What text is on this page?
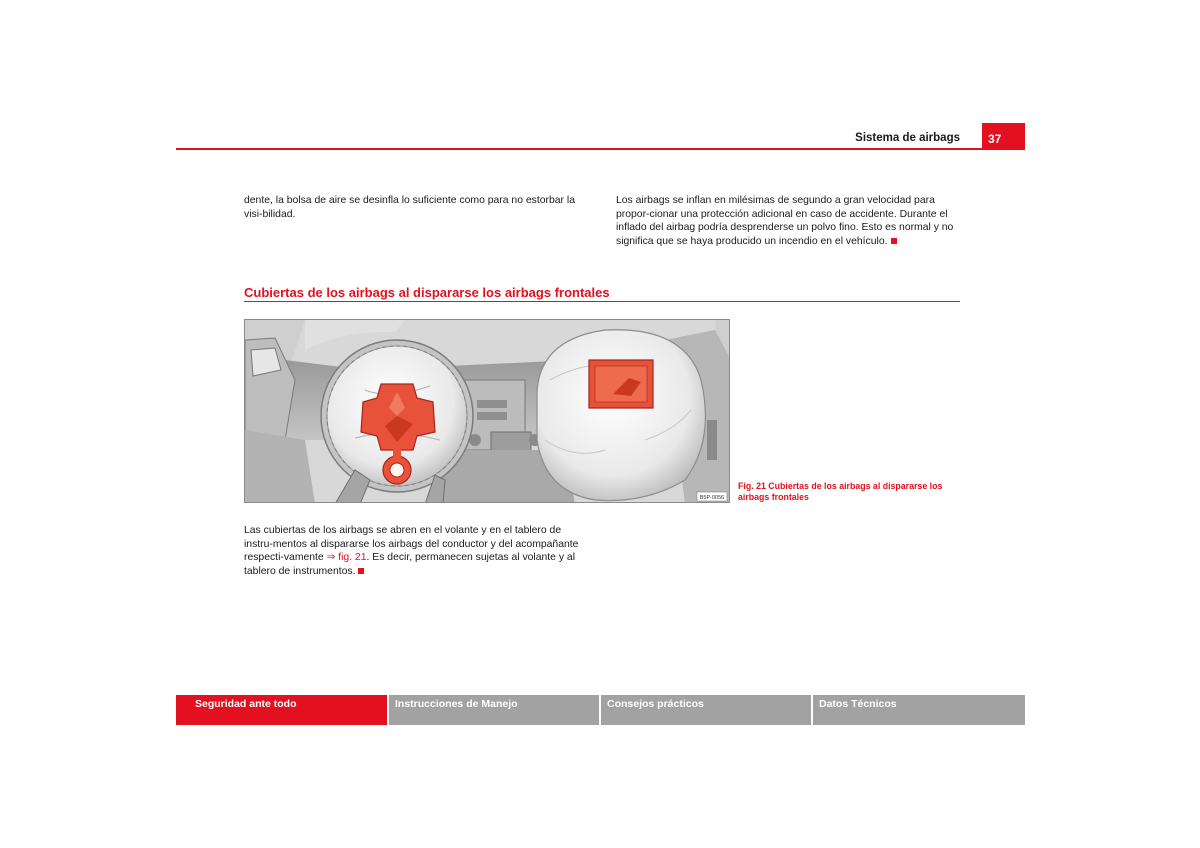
Sistema de airbags	37
dente, la bolsa de aire se desinfla lo suficiente como para no estorbar la visi-bilidad.
Los airbags se inflan en milésimas de segundo a gran velocidad para propor-cionar una protección adicional en caso de accidente. Durante el inflado del airbag podría desprenderse un polvo fino. Esto es normal y no significa que se haya producido un incendio en el vehículo.
Cubiertas de los airbags al dispararse los airbags frontales
B5P-0056
Fig. 21 Cubiertas de los airbags al dispararse los airbags frontales
Las cubiertas de los airbags se abren en el volante y en el tablero de instru-mentos al dispararse los airbags del conductor y del acompañante respecti-vamente ⇒ fig. 21. Es decir, permanecen sujetas al volante y al tablero de instrumentos.
Seguridad ante todo	Instrucciones de Manejo	Consejos prácticos	Datos Técnicos
